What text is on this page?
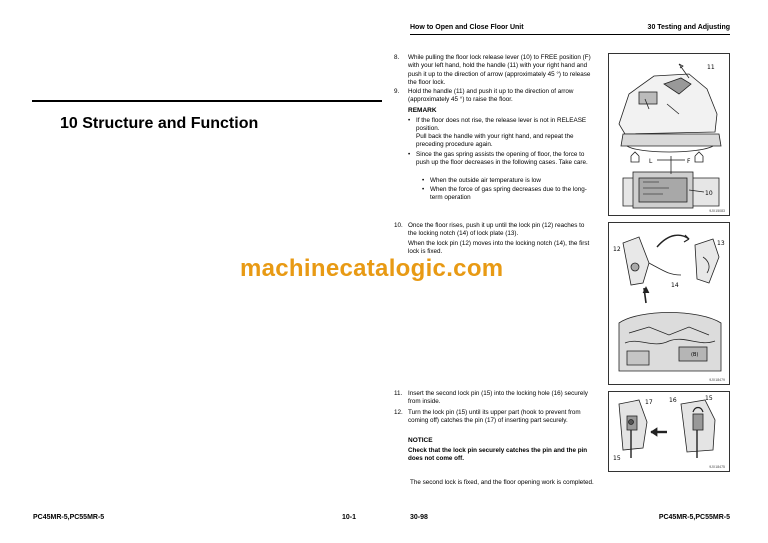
10 Structure and Function
PC45MR-5,PC55MR-5	10-1
How to Open and Close Floor Unit	30 Testing and Adjusting
8. While pulling the floor lock release lever (10) to FREE position (F) with your left hand, hold the handle (11) with your right hand and push it up to the direction of arrow (approximately 45 °) to release the floor lock.
9. Hold the handle (11) and push it up to the direction of arrow (approximately 45 °) to raise the floor.
REMARK
• If the floor does not rise, the release lever is not in RELEASE position.
Pull back the handle with your right hand, and repeat the preceding procedure again.
• Since the gas spring assists the opening of floor, the force to push up the floor decreases in the following cases. Take care.
• When the outside air temperature is low
• When the force of gas spring decreases due to the long-term operation
10. Once the floor rises, push it up until the lock pin (12) reaches to the locking notch (14) of lock plate (13).
When the lock pin (12) moves into the locking notch (14), the first lock is fixed.
11. Insert the second lock pin (15) into the locking hole (16) securely from inside.
12. Turn the lock pin (15) until its upper part (hook to prevent from coming off) catches the pin (17) of inserting part securely.
NOTICE
Check that the lock pin securely catches the pin and the pin does not come off.
The second lock is fixed, and the floor opening work is completed.
11
L	F
10
9JX15083
12
13
14
(B)
9JX18479
17
15
16	15
9JX18475
30-98	PC45MR-5,PC55MR-5
machinecatalogic.com
